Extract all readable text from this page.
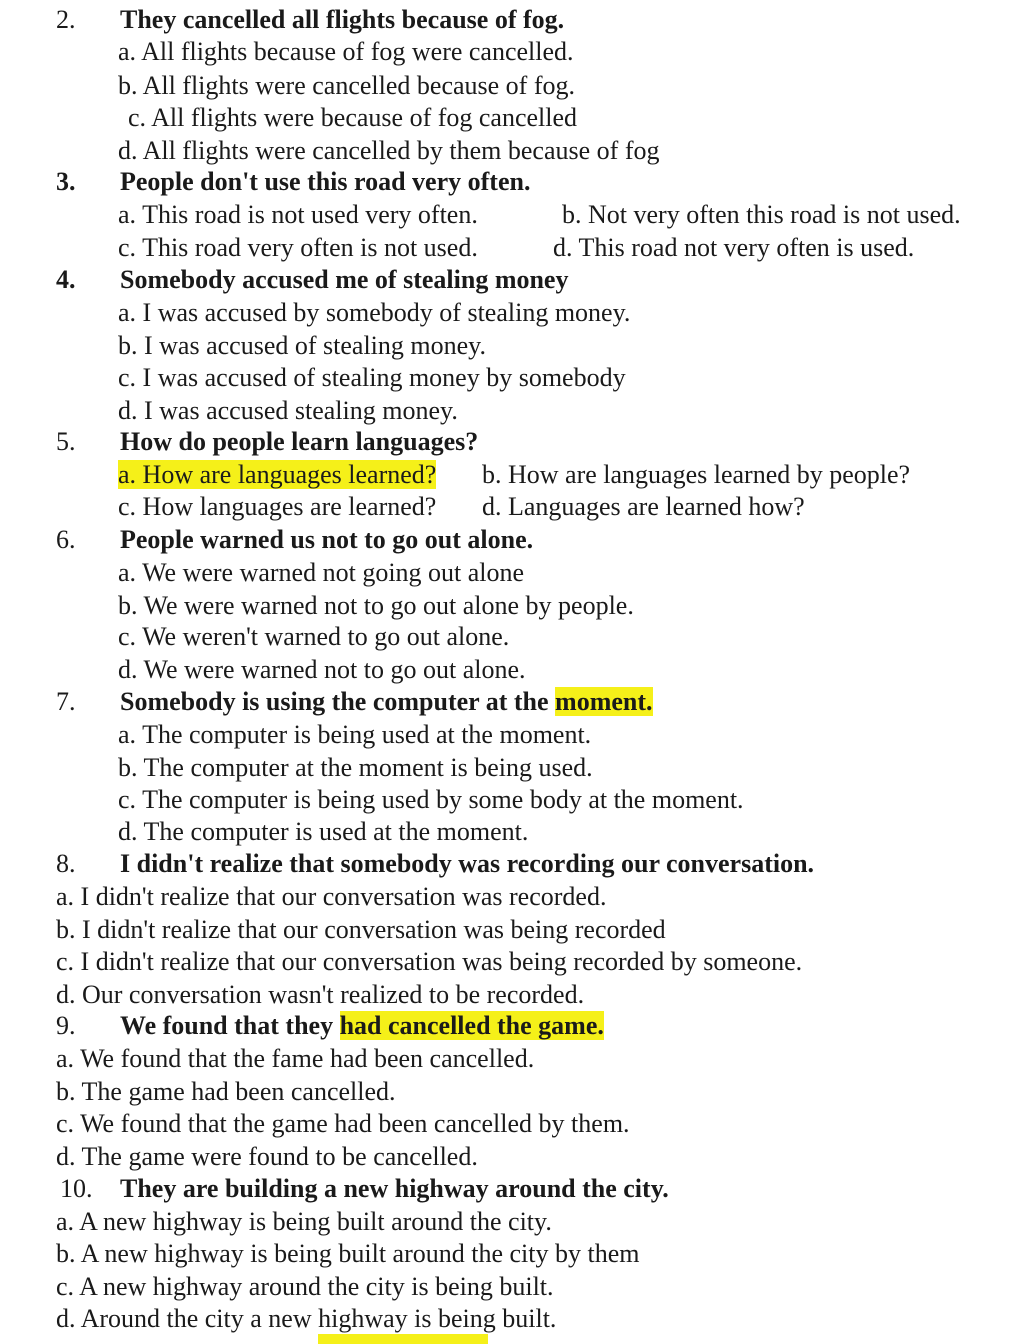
2. They cancelled all flights because of fog.
a. All flights because of fog were cancelled.
b. All flights were cancelled because of fog.
c. All flights were because of fog cancelled
d. All flights were cancelled by them because of fog
3. People don't use this road very often.
a. This road is not used very often.	b. Not very often this road is not used.
c. This road very often is not used.	d. This road not very often is used.
4. Somebody accused me of stealing money
a. I was accused by somebody of stealing money.
b. I was accused of stealing money.
c. I was accused of stealing money by somebody
d. I was accused stealing money.
5. How do people learn languages?
a. How are languages learned? b. How are languages learned by people?
c. How languages are learned? d. Languages are learned how?
6. People warned us not to go out alone.
a. We were warned not going out alone
b. We were warned not to go out alone by people.
c. We weren't warned to go out alone.
d. We were warned not to go out alone.
7. Somebody is using the computer at the moment.
a. The computer is being used at the moment.
b. The computer at the moment is being used.
c. The computer is being used by some body at the moment.
d. The computer is used at the moment.
8. I didn't realize that somebody was recording our conversation.
a. I didn't realize that our conversation was recorded.
b. I didn't realize that our conversation was being recorded
c. I didn't realize that our conversation was being recorded by someone.
d. Our conversation wasn't realized to be recorded.
9. We found that they had cancelled the game.
a. We found that the fame had been cancelled.
b. The game had been cancelled.
c. We found that the game had been cancelled by them.
d. The game were found to be cancelled.
10. They are building a new highway around the city.
a. A new highway is being built around the city.
b. A new highway is being built around the city by them
c. A new highway around the city is being built.
d. Around the city a new highway is being built.
